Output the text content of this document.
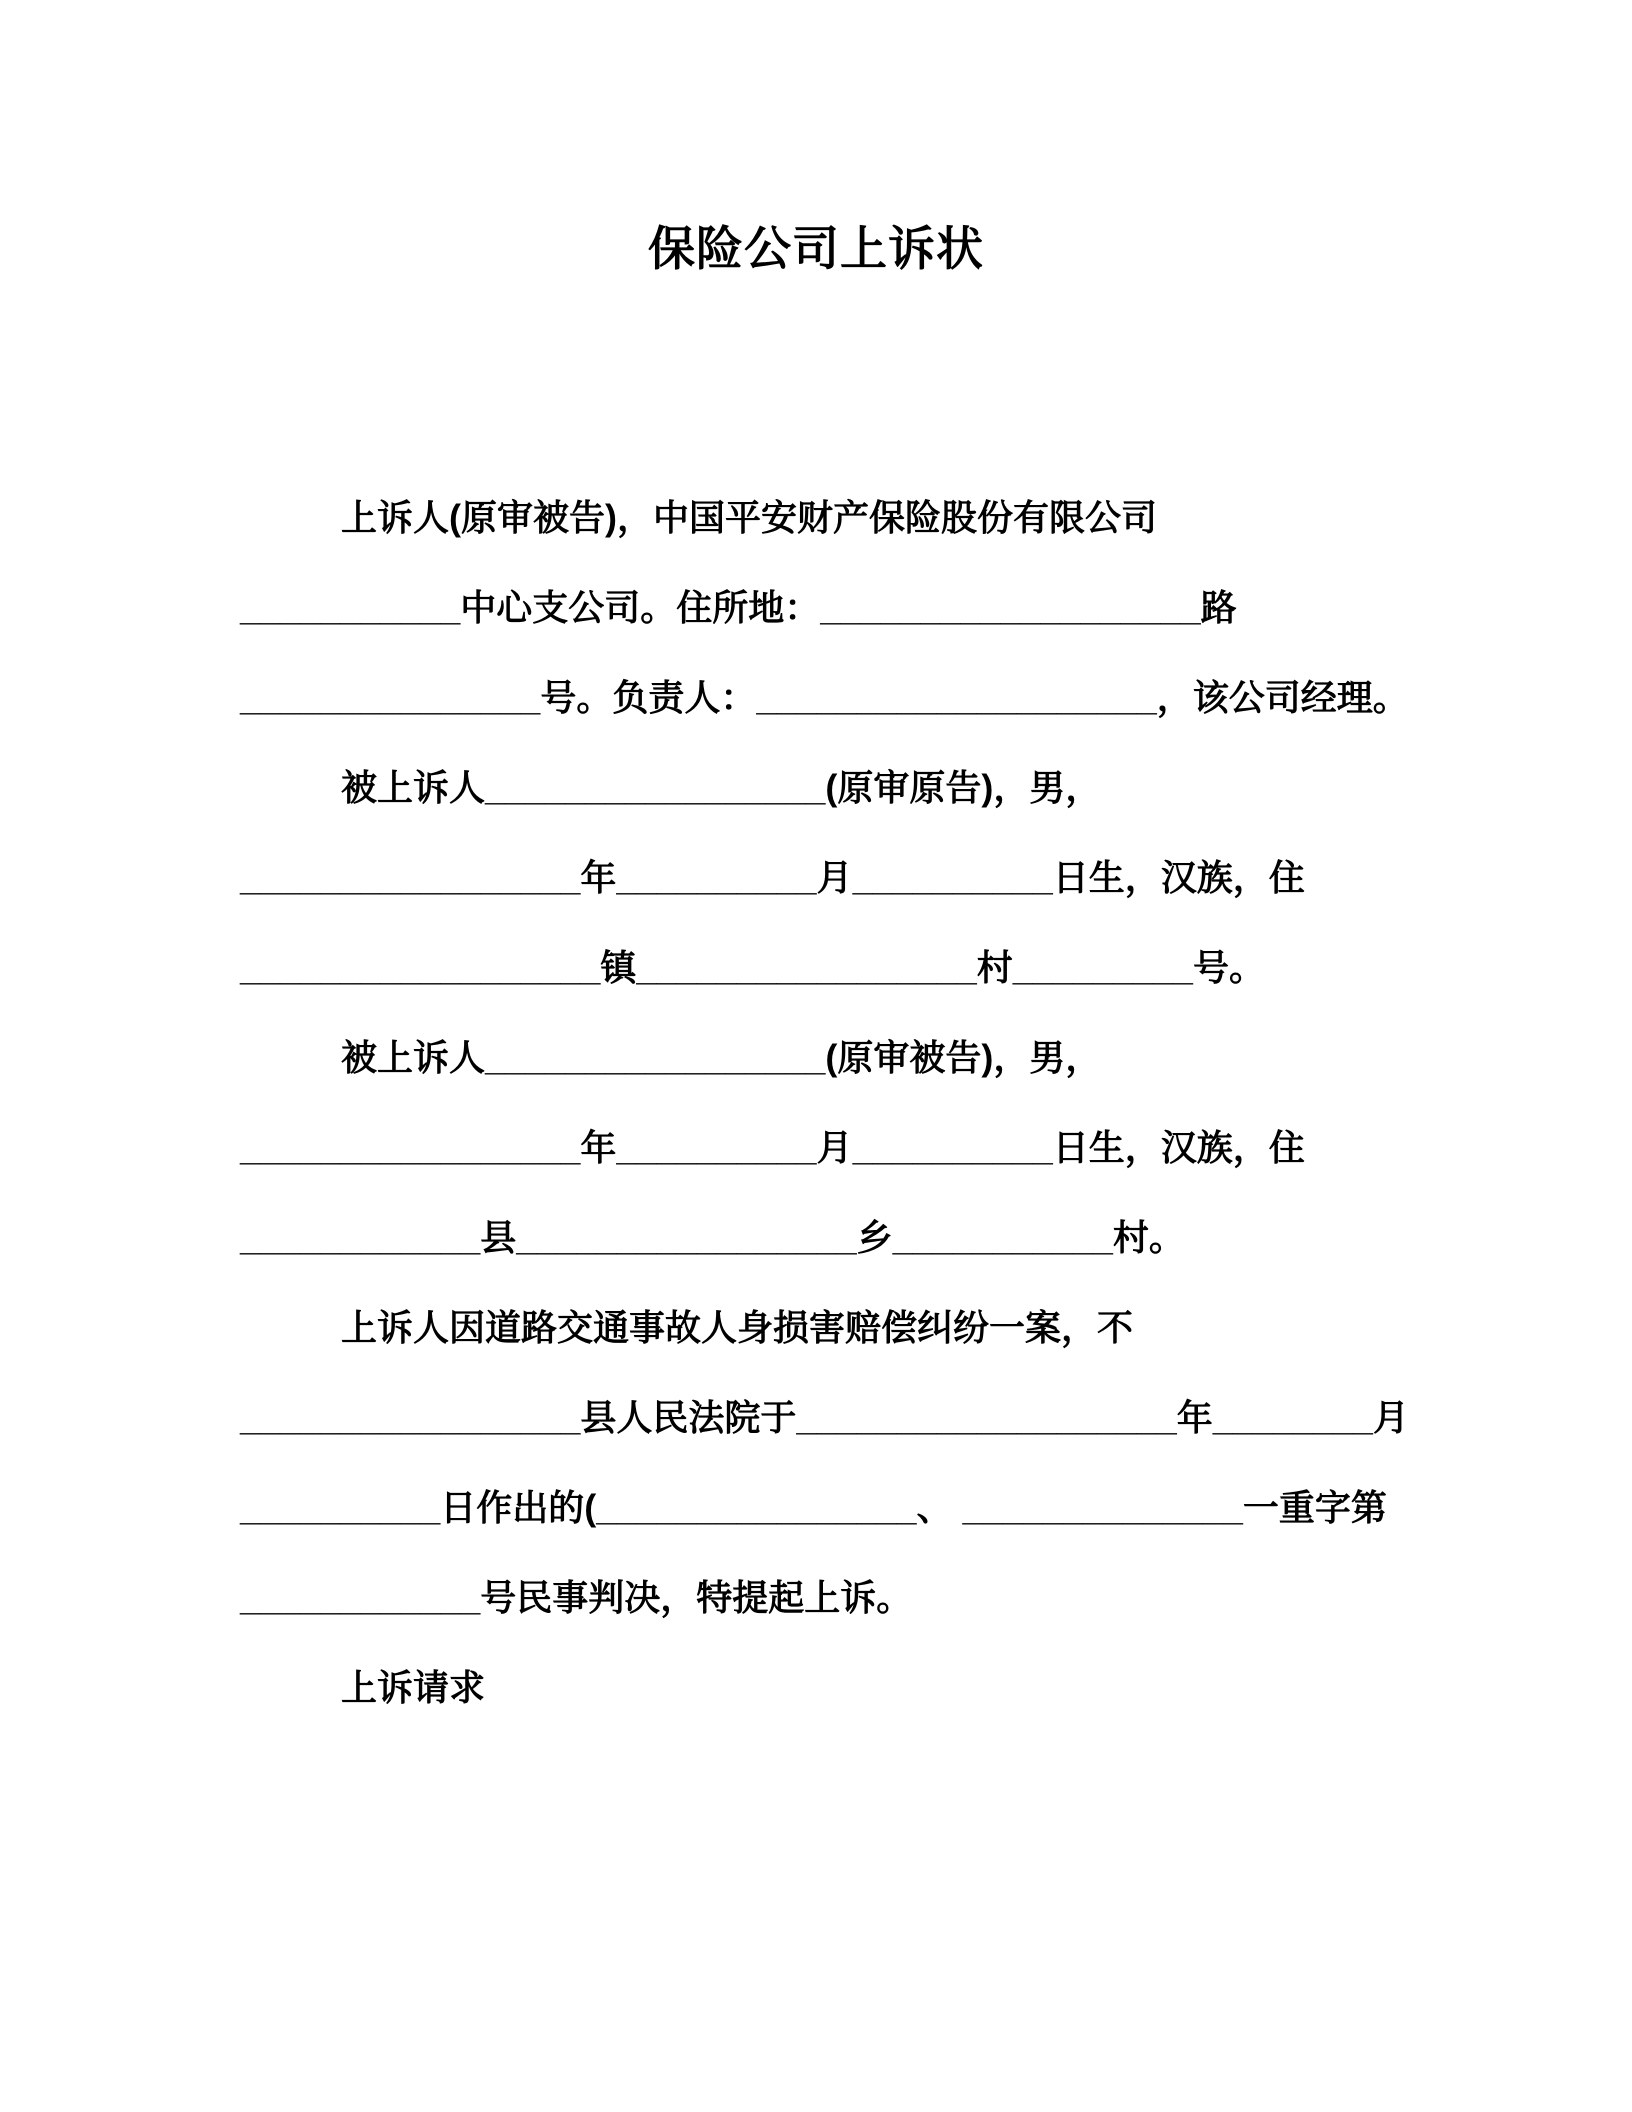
保险公司上诉状
上诉人(原审被告)，中国平安财产保险股份有限公司
___________中心支公司。住所地：___________________路
_______________号。负责人：____________________，该公司经理。
被上诉人_________________(原审原告)，男，
_________________年__________月__________日生，汉族，住
__________________镇_________________村_________号。
被上诉人_________________(原审被告)，男，
_________________年__________月__________日生，汉族，住
____________县_________________乡___________村。
上诉人因道路交通事故人身损害赔偿纠纷一案，不
_________________县人民法院于___________________年________月
__________日作出的(________________、 ______________一重字第
____________号民事判决，特提起上诉。
上诉请求
